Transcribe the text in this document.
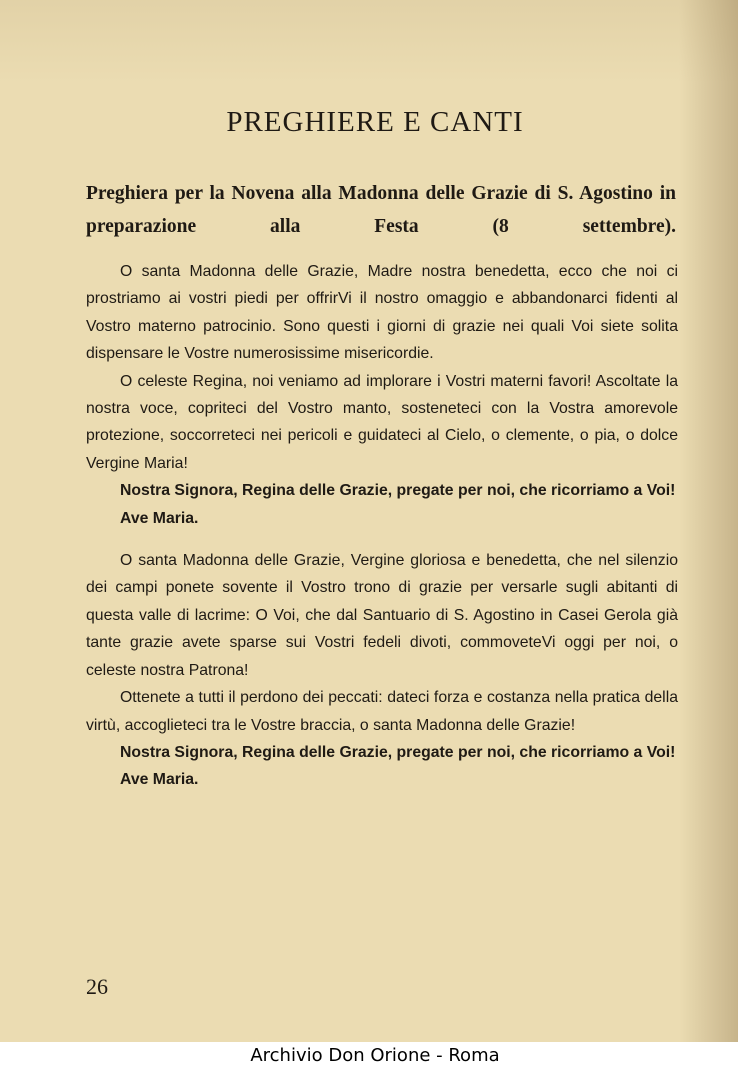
PREGHIERE E CANTI
Preghiera per la Novena alla Madonna delle Grazie di S. Agostino in preparazione alla Festa (8 settembre).

O santa Madonna delle Grazie, Madre nostra benedetta, ecco che noi ci prostriamo ai vostri piedi per offrirVi il nostro omaggio e abbandonarci fidenti al Vostro materno patrocinio. Sono questi i giorni di grazie nei quali Voi siete solita dispensare le Vostre numerosissime misericordie.

O celeste Regina, noi veniamo ad implorare i Vostri materni favori! Ascoltate la nostra voce, copriteci del Vostro manto, sosteneteci con la Vostra amorevole protezione, soccorreteci nei pericoli e guidateci al Cielo, o clemente, o pia, o dolce Vergine Maria!

Nostra Signora, Regina delle Grazie, pregate per noi, che ricorriamo a Voi!

Ave Maria.

O santa Madonna delle Grazie, Vergine gloriosa e benedetta, che nel silenzio dei campi ponete sovente il Vostro trono di grazie per versarle sugli abitanti di questa valle di lacrime: O Voi, che dal Santuario di S. Agostino in Casei Gerola già tante grazie avete sparse sui Vostri fedeli divoti, commoveteVi oggi per noi, o celeste nostra Patrona!

Ottenete a tutti il perdono dei peccati: dateci forza e costanza nella pratica della virtù, accoglieteci tra le Vostre braccia, o santa Madonna delle Grazie!

Nostra Signora, Regina delle Grazie, pregate per noi, che ricorriamo a Voi!

Ave Maria.

26

Archivio Don Orione - Roma
